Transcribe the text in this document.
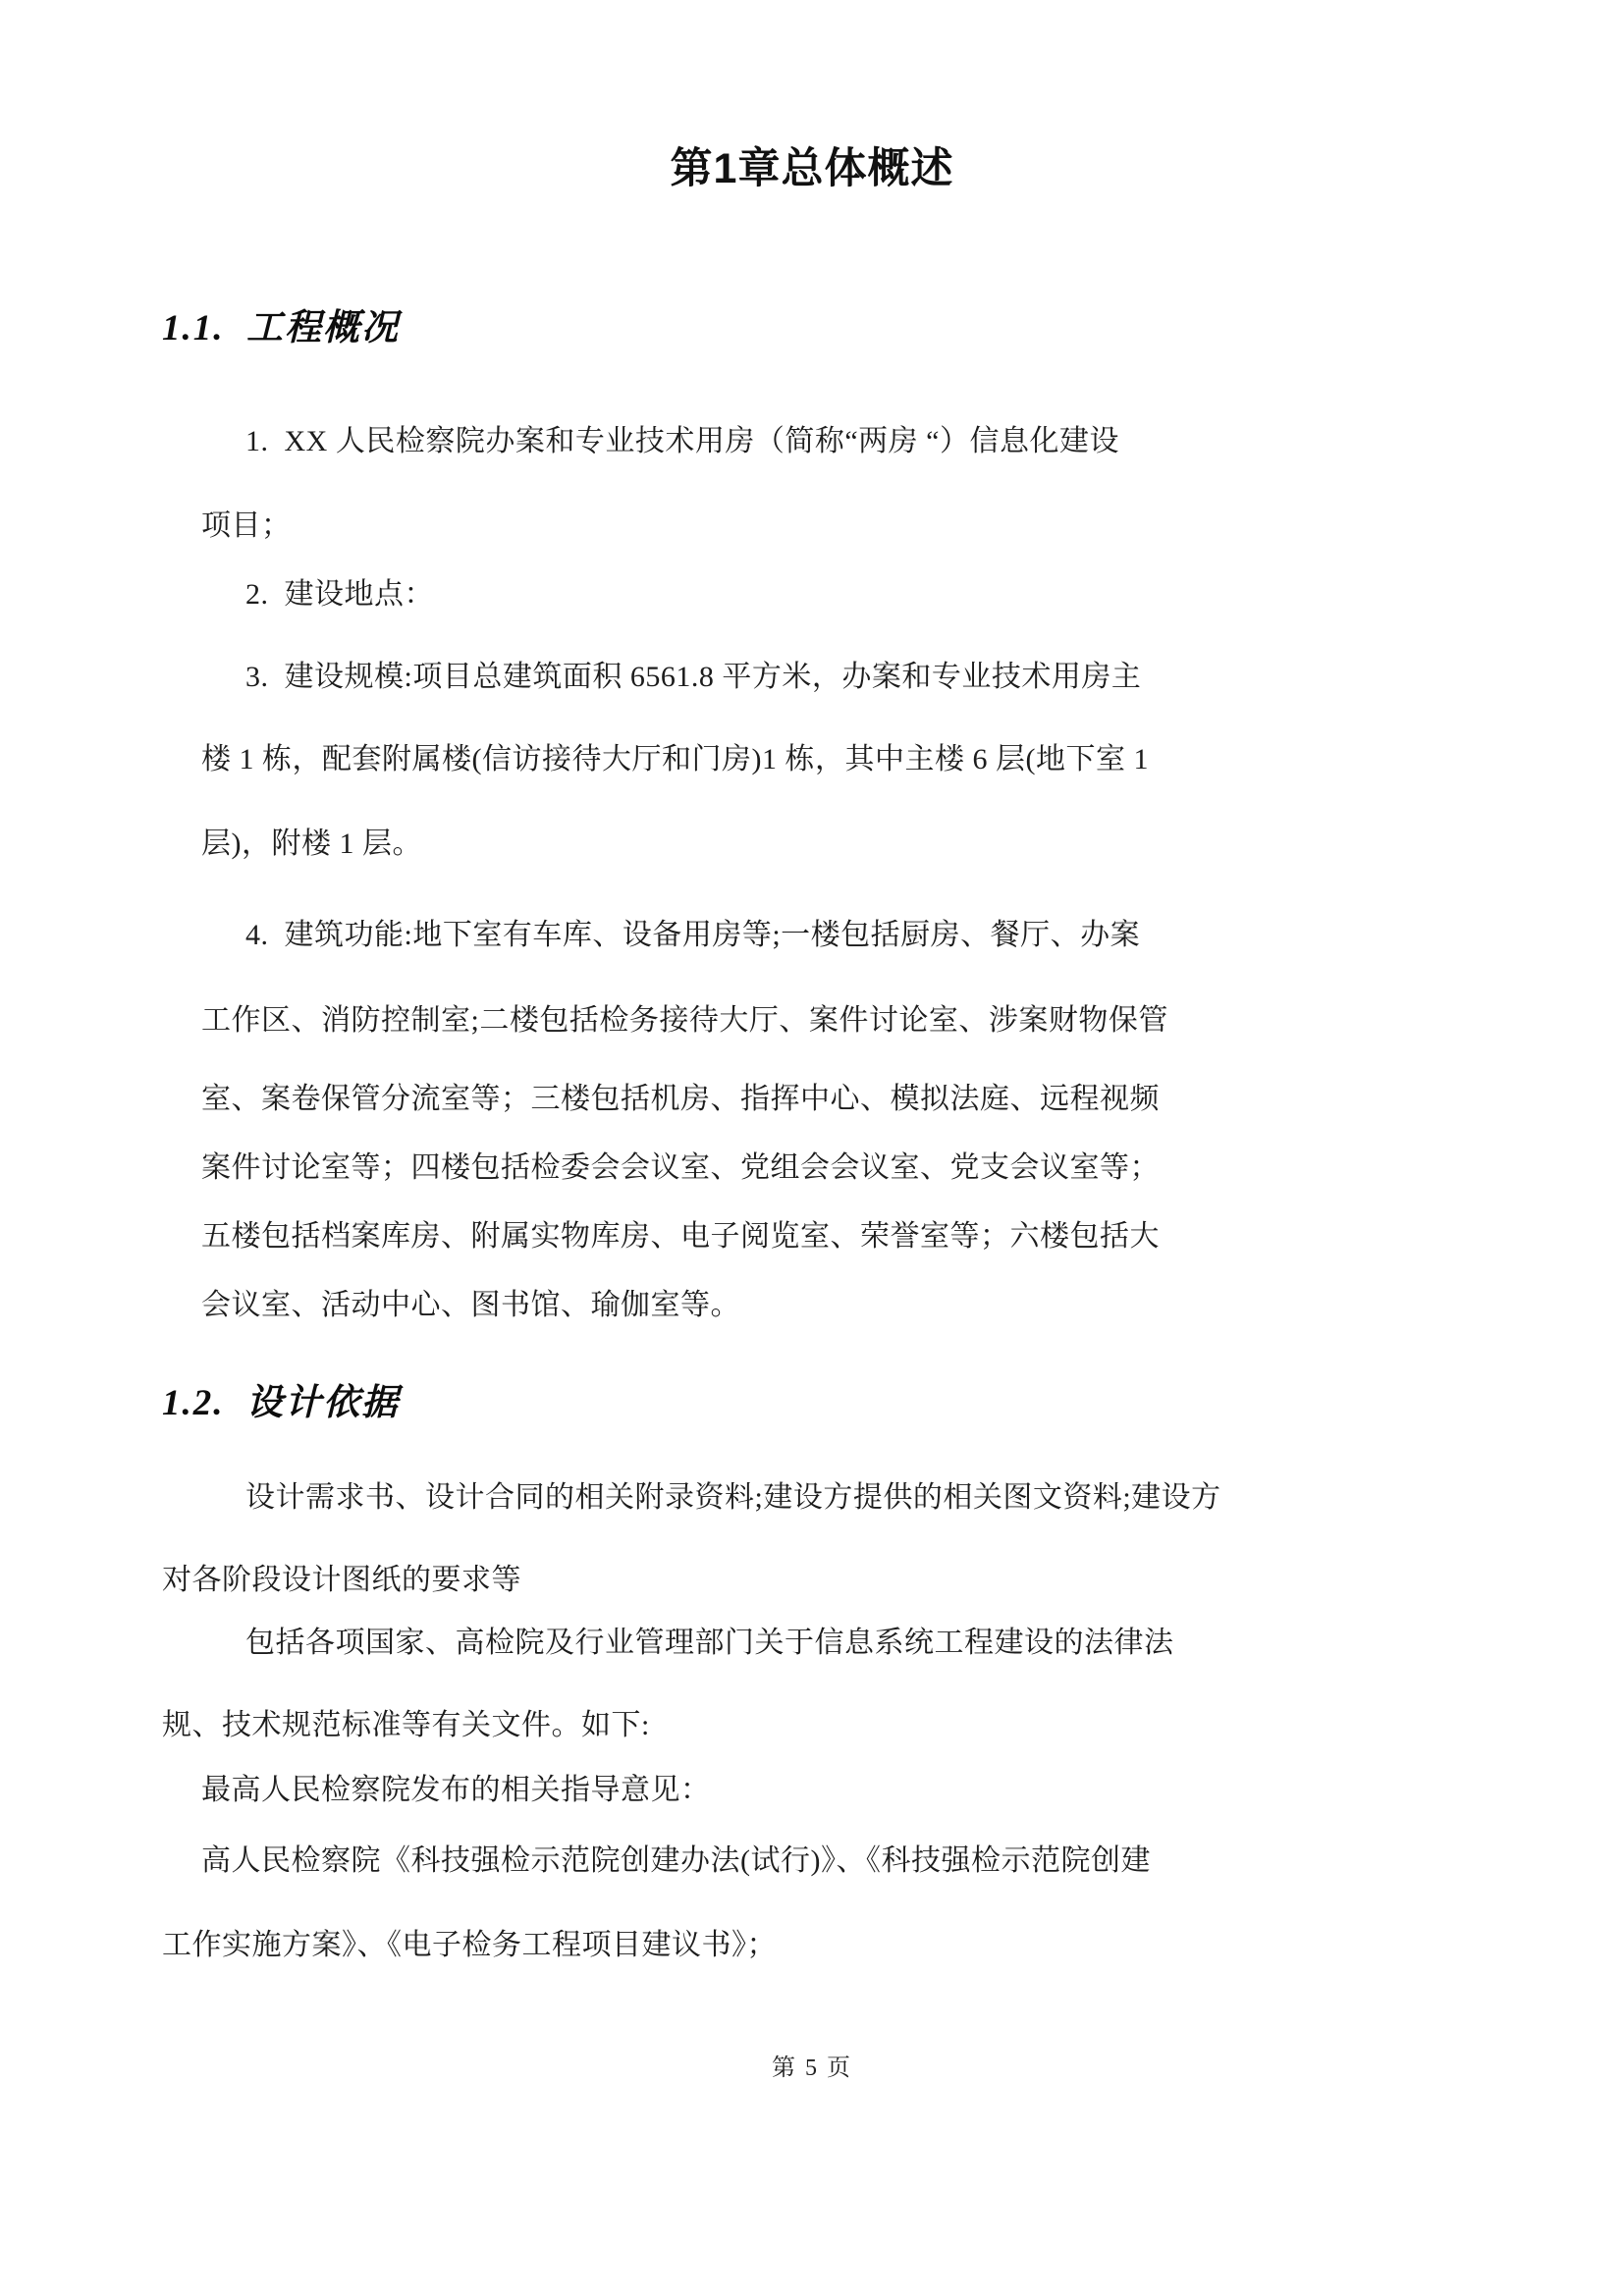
第1章总体概述
1.1.  工程概况
1.  XX 人民检察院办案和专业技术用房（简称“两房 “）信息化建设
项目；
2.  建设地点：
3.  建设规模:项目总建筑面积 6561.8 平方米，办案和专业技术用房主
楼 1 栋，配套附属楼(信访接待大厅和门房)1 栋，其中主楼 6 层(地下室 1
层)，附楼 1 层。
4.  建筑功能:地下室有车库、设备用房等;一楼包括厨房、餐厅、办案
工作区、消防控制室;二楼包括检务接待大厅、案件讨论室、涉案财物保管
室、案卷保管分流室等；三楼包括机房、指挥中心、模拟法庭、远程视频
案件讨论室等；四楼包括检委会会议室、党组会会议室、党支会议室等；
五楼包括档案库房、附属实物库房、电子阅览室、荣誉室等；六楼包括大
会议室、活动中心、图书馆、瑜伽室等。
1.2.  设计依据
设计需求书、设计合同的相关附录资料;建设方提供的相关图文资料;建设方
对各阶段设计图纸的要求等
包括各项国家、高检院及行业管理部门关于信息系统工程建设的法律法
规、技术规范标准等有关文件。如下:
最高人民检察院发布的相关指导意见：
高人民检察院《科技强检示范院创建办法(试行)》、《科技强检示范院创建
工作实施方案》、《电子检务工程项目建议书》；
第 5 页
